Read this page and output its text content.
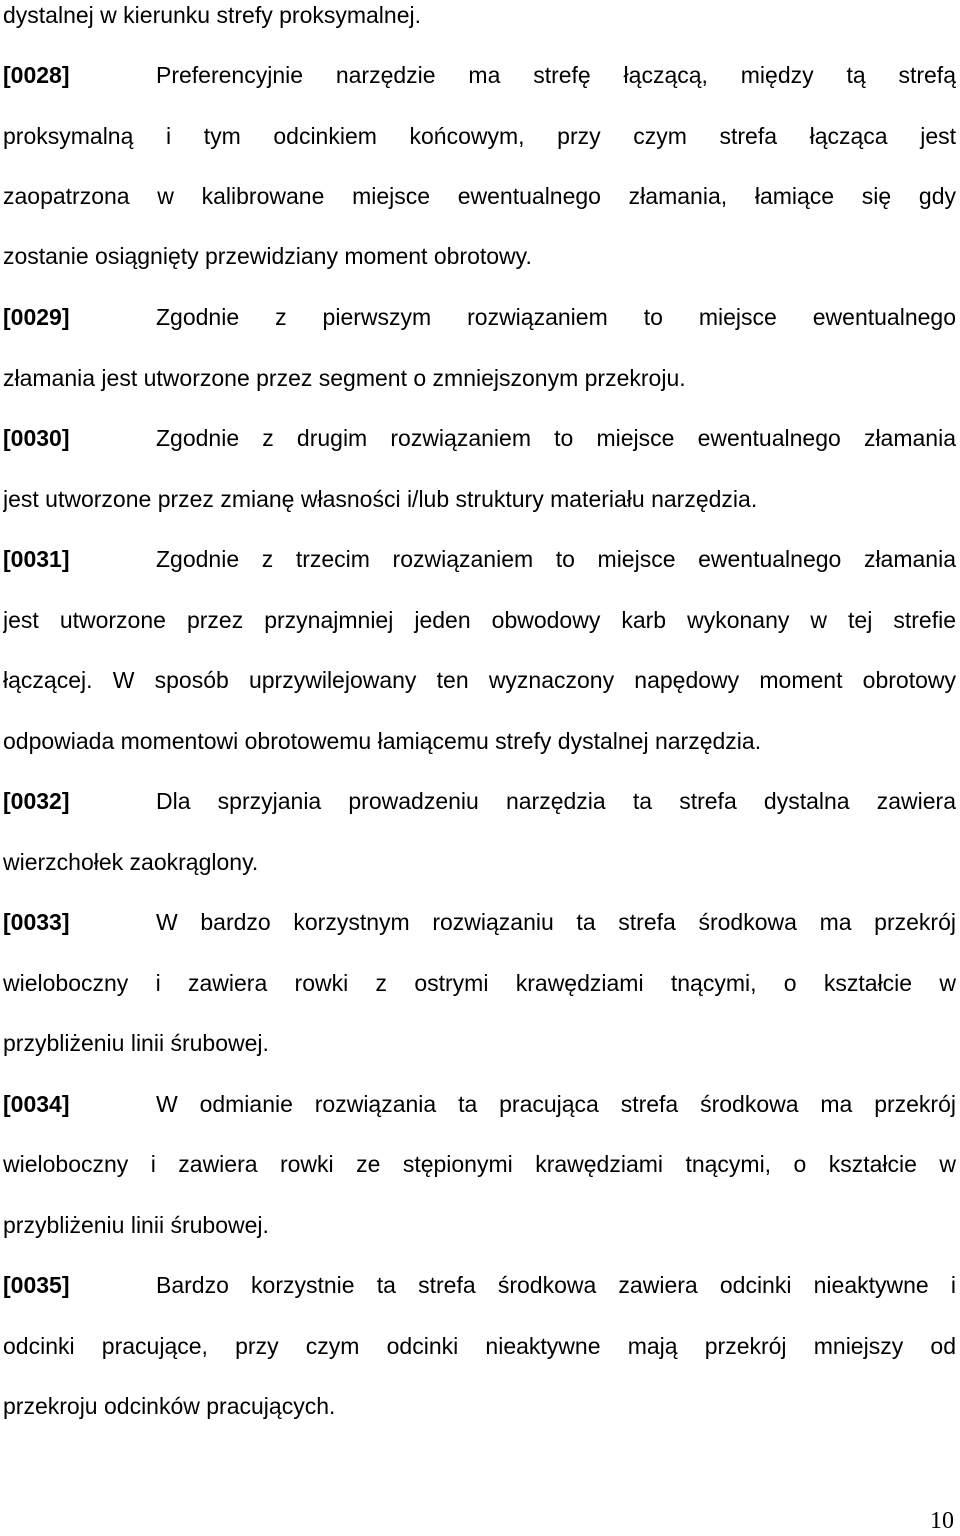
dystalnej w kierunku strefy proksymalnej.
[0028]	Preferencyjnie narzędzie ma strefę łączącą, między tą strefą
proksymalną i tym odcinkiem końcowym, przy czym strefa łącząca jest
zaopatrzona w kalibrowane miejsce ewentualnego złamania, łamiące się gdy
zostanie osiągnięty przewidziany moment obrotowy.
[0029]	Zgodnie z pierwszym rozwiązaniem to miejsce ewentualnego
złamania jest utworzone przez segment o zmniejszonym przekroju.
[0030]	Zgodnie z drugim rozwiązaniem to miejsce ewentualnego złamania
jest utworzone przez zmianę własności i/lub struktury materiału narzędzia.
[0031]	Zgodnie z trzecim rozwiązaniem to miejsce ewentualnego złamania
jest utworzone przez przynajmniej jeden obwodowy karb wykonany w tej strefie
łączącej. W sposób uprzywilejowany ten wyznaczony napędowy moment obrotowy
odpowiada momentowi obrotowemu łamiącemu strefy dystalnej narzędzia.
[0032]	Dla sprzyjania prowadzeniu narzędzia ta strefa dystalna zawiera
wierzchołek zaokrąglony.
[0033]	W bardzo korzystnym rozwiązaniu ta strefa środkowa ma przekrój
wieloboczny i zawiera rowki z ostrymi krawędziami tnącymi, o kształcie w
przybliżeniu linii śrubowej.
[0034]	W odmianie rozwiązania ta pracująca strefa środkowa ma przekrój
wieloboczny i zawiera rowki ze stępionymi krawędziami tnącymi, o kształcie w
przybliżeniu linii śrubowej.
[0035]	Bardzo korzystnie ta strefa środkowa zawiera odcinki nieaktywne i
odcinki pracujące, przy czym odcinki nieaktywne mają przekrój mniejszy od
przekroju odcinków pracujących.
10
